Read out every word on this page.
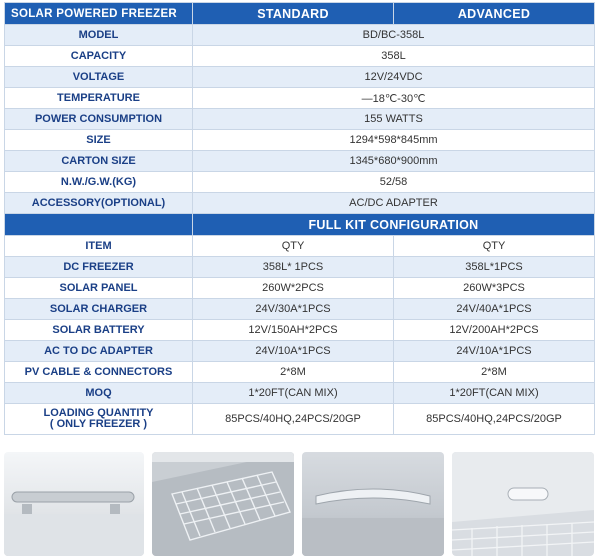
SOLAR POWERED FREEZER	STANDARD	ADVANCED
MODEL	BD/BC-358L	
CAPACITY	358L	
VOLTAGE	12V/24VDC	
TEMPERATURE	—18℃-30℃	
POWER CONSUMPTION	155 WATTS	
SIZE	1294*598*845mm	
CARTON SIZE	1345*680*900mm	
N.W./G.W.(KG)	52/58	
ACCESSORY(OPTIONAL)	AC/DC ADAPTER	
	FULL KIT CONFIGURATION	
ITEM	QTY	QTY
DC FREEZER	358L* 1PCS	358L*1PCS
SOLAR PANEL	260W*2PCS	260W*3PCS
SOLAR CHARGER	24V/30A*1PCS	24V/40A*1PCS
SOLAR BATTERY	12V/150AH*2PCS	12V/200AH*2PCS
AC TO DC ADAPTER	24V/10A*1PCS	24V/10A*1PCS
PV CABLE & CONNECTORS	2*8M	2*8M
MOQ	1*20FT(CAN MIX)	1*20FT(CAN MIX)

LOADING QUANTITY
( ONLY FREEZER )	85PCS/40HQ,24PCS/20GP	85PCS/40HQ,24PCS/20GP
